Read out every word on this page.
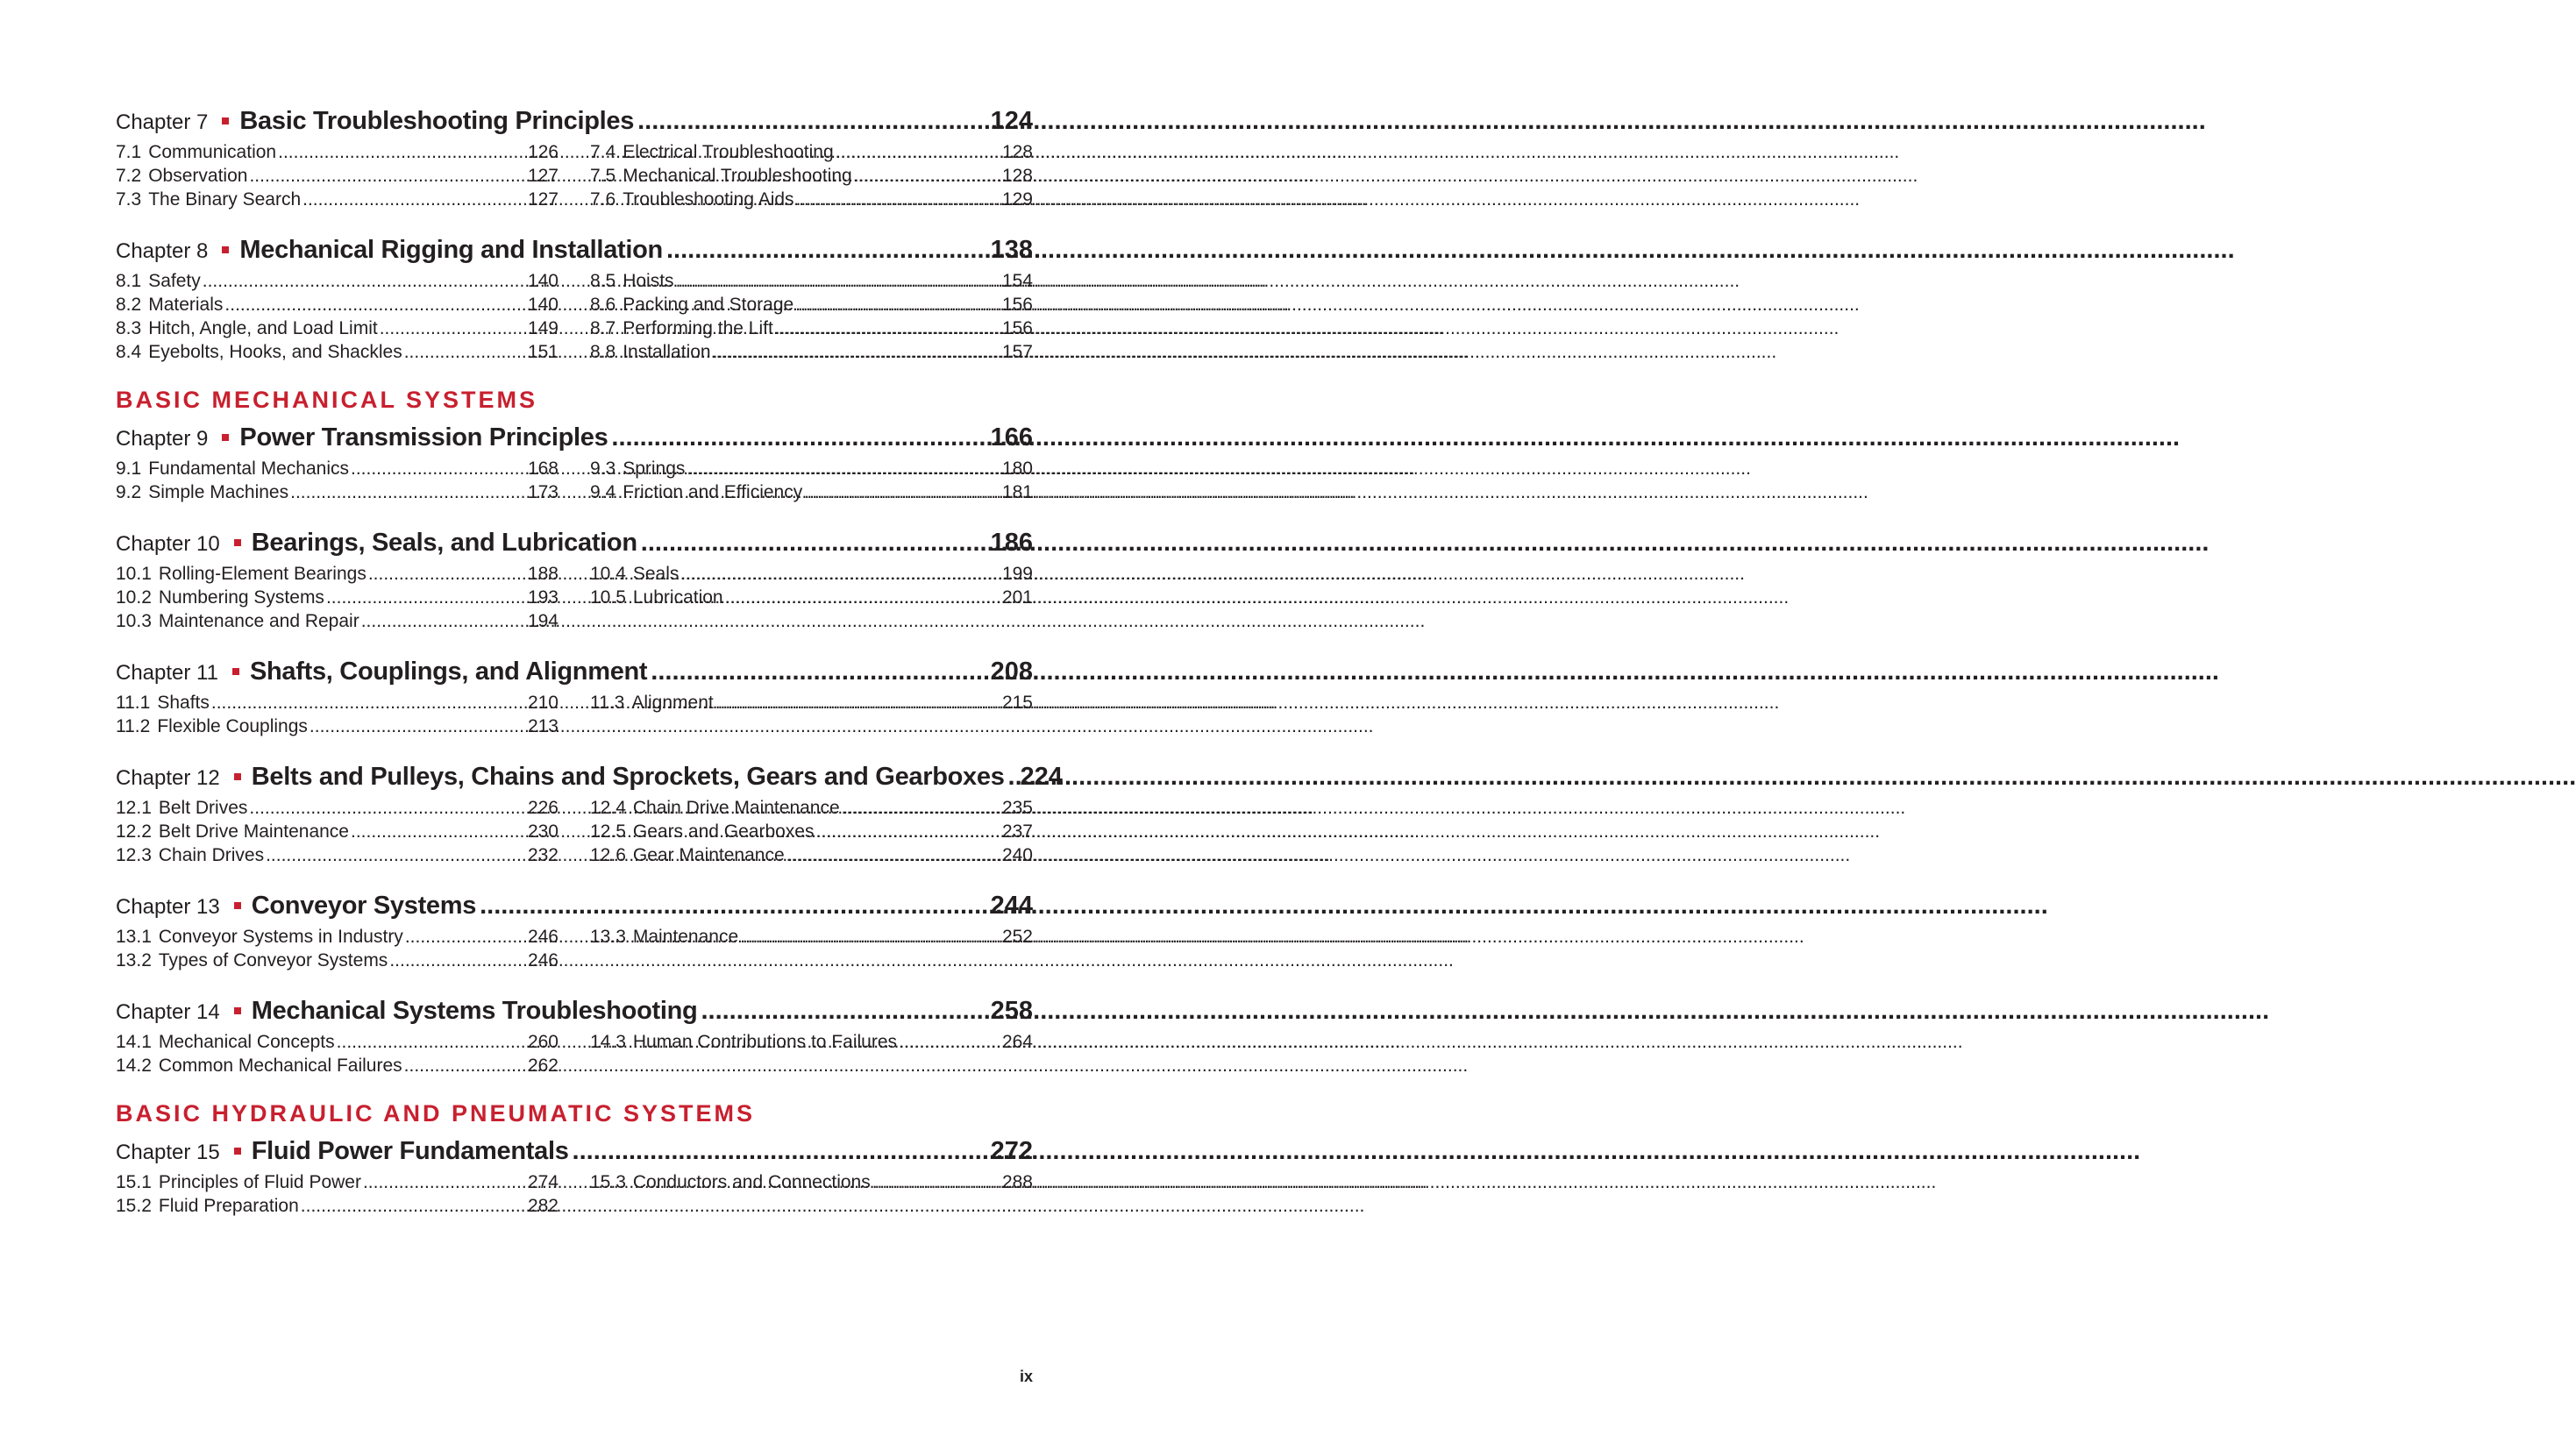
Chapter 7 Basic Troubleshooting Principles .....	124
7.1 Communication .....	126
7.2 Observation .....	127
7.3 The Binary Search .....	127
7.4 Electrical Troubleshooting .....	128
7.5 Mechanical Troubleshooting .....	128
7.6 Troubleshooting Aids .....	129
Chapter 8 Mechanical Rigging and Installation .....	138
8.1 Safety .....	140
8.2 Materials .....	140
8.3 Hitch, Angle, and Load Limit .....	149
8.4 Eyebolts, Hooks, and Shackles .....	151
8.5 Hoists .....	154
8.6 Packing and Storage .....	156
8.7 Performing the Lift .....	156
8.8 Installation .....	157
BASIC MECHANICAL SYSTEMS
Chapter 9 Power Transmission Principles .....	166
9.1 Fundamental Mechanics .....	168
9.2 Simple Machines .....	173
9.3 Springs .....	180
9.4 Friction and Efficiency .....	181
Chapter 10 Bearings, Seals, and Lubrication .....	186
10.1 Rolling-Element Bearings .....	188
10.2 Numbering Systems .....	193
10.3 Maintenance and Repair .....	194
10.4 Seals .....	199
10.5 Lubrication .....	201
Chapter 11 Shafts, Couplings, and Alignment .....	208
11.1 Shafts .....	210
11.2 Flexible Couplings .....	213
11.3 Alignment .....	215
Chapter 12 Belts and Pulleys, Chains and Sprockets, Gears and Gearboxes ..... 224
12.1 Belt Drives .....	226
12.2 Belt Drive Maintenance .....	230
12.3 Chain Drives .....	232
12.4 Chain Drive Maintenance .....	235
12.5 Gears and Gearboxes .....	237
12.6 Gear Maintenance .....	240
Chapter 13 Conveyor Systems .....	244
13.1 Conveyor Systems in Industry .....	246
13.2 Types of Conveyor Systems .....	246
13.3 Maintenance .....	252
Chapter 14 Mechanical Systems Troubleshooting .....	258
14.1 Mechanical Concepts .....	260
14.2 Common Mechanical Failures .....	262
14.3 Human Contributions to Failures .....	264
BASIC HYDRAULIC AND PNEUMATIC SYSTEMS
Chapter 15 Fluid Power Fundamentals .....	272
15.1 Principles of Fluid Power .....	274
15.2 Fluid Preparation .....	282
15.3 Conductors and Connections .....	288
ix
